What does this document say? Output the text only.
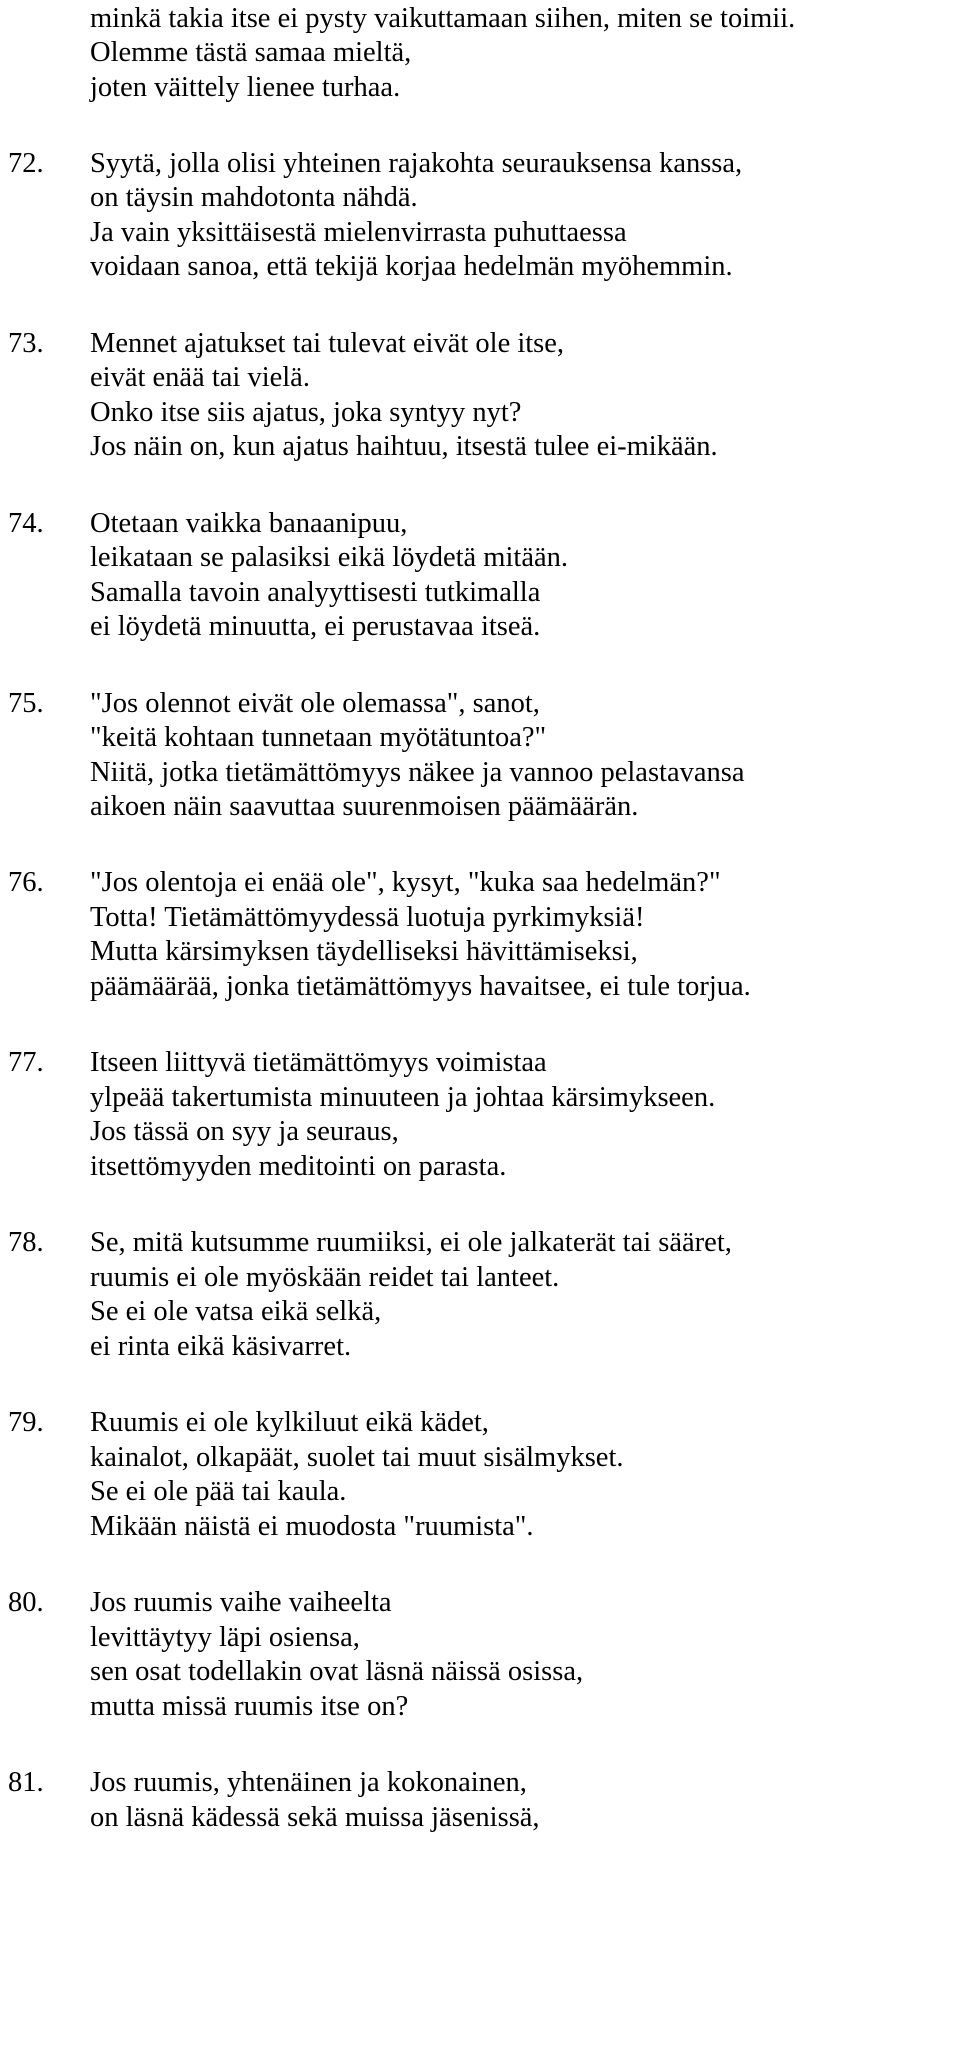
minkä takia itse ei pysty vaikuttamaan siihen, miten se toimii.
Olemme tästä samaa mieltä,
joten väittely lienee turhaa.
72. Syytä, jolla olisi yhteinen rajakohta seurauksensa kanssa,
on täysin mahdotonta nähdä.
Ja vain yksittäisestä mielenvirrasta puhuttaessa
voidaan sanoa, että tekijä korjaa hedelmän myöhemmin.
73. Mennet ajatukset tai tulevat eivät ole itse,
eivät enää tai vielä.
Onko itse siis ajatus, joka syntyy nyt?
Jos näin on, kun ajatus haihtuu, itsestä tulee ei-mikään.
74. Otetaan vaikka banaanipuu,
leikataan se palasiksi eikä löydetä mitään.
Samalla tavoin analyyttisesti tutkimalla
ei löydetä minuutta, ei perustavaa itseä.
75. "Jos olennot eivät ole olemassa", sanot,
"keitä kohtaan tunnetaan myötätuntoa?"
Niitä, jotka tietämättömyys näkee ja vannoo pelastavansa
aikoen näin saavuttaa suurenmoisen päämäärän.
76. "Jos olentoja ei enää ole", kysyt, "kuka saa hedelmän?"
Totta! Tietämättömyydessä luotuja pyrkimyksiä!
Mutta kärsimyksen täydelliseksi hävittämiseksi,
päämäärää, jonka tietämättömyys havaitsee, ei tule torjua.
77. Itseen liittyvä tietämättömyys voimistaa
ylpeää takertumista minuuteen ja johtaa kärsimykseen.
Jos tässä on syy ja seuraus,
itsettömyyden meditointi on parasta.
78. Se, mitä kutsumme ruumiiksi, ei ole jalkaterät tai sääret,
ruumis ei ole myöskään reidet tai lanteet.
Se ei ole vatsa eikä selkä,
ei rinta eikä käsivarret.
79. Ruumis ei ole kylkiluut eikä kädet,
kainalot, olkapäät, suolet tai muut sisälmykset.
Se ei ole pää tai kaula.
Mikään näistä ei muodosta "ruumista".
80. Jos ruumis vaihe vaiheelta
levittäytyy läpi osiensa,
sen osat todellakin ovat läsnä näissä osissa,
mutta missä ruumis itse on?
81. Jos ruumis, yhtenäinen ja kokonainen,
on läsnä kädessä sekä muissa jäsenissä,
